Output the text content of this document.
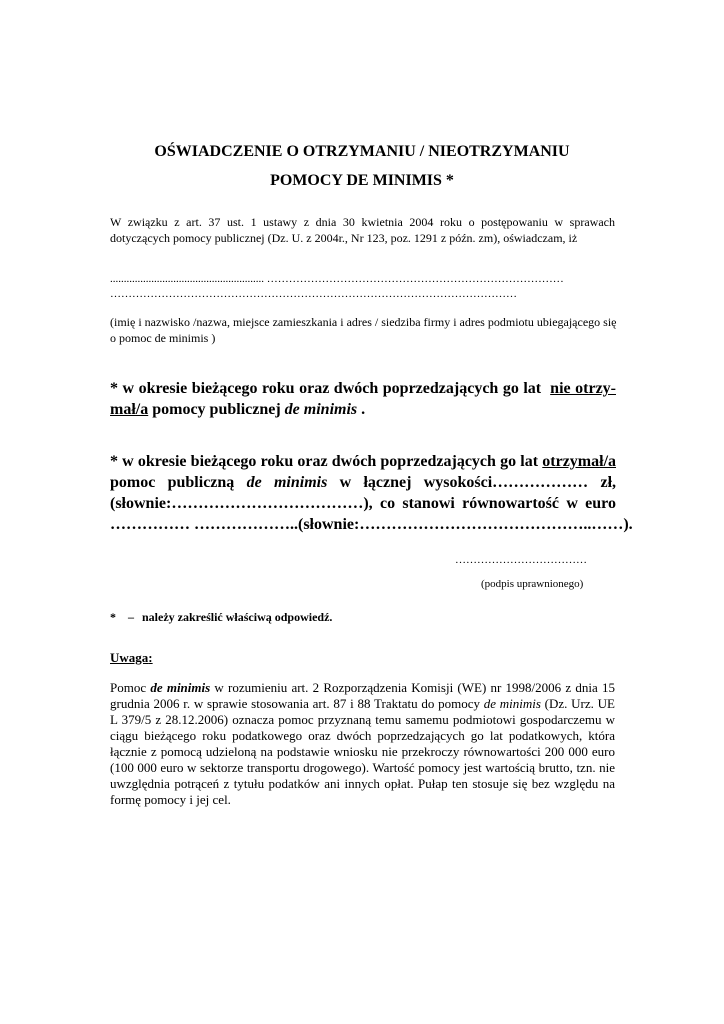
OŚWIADCZENIE O OTRZYMANIU / NIEOTRZYMANIU
POMOCY DE MINIMIS *
W związku z art. 37 ust. 1 ustawy z dnia 30 kwietnia 2004 roku o postępowaniu w sprawach dotyczących pomocy publicznej (Dz. U. z 2004r., Nr 123, poz. 1291 z późn. zm), oświadczam, iż
........................................................ ………………………………………………………………………
…………………………………………………………………………………………………
(imię i nazwisko /nazwa, miejsce zamieszkania i adres / siedziba firmy i adres podmiotu ubiegającego się o pomoc de minimis )
* w okresie bieżącego roku oraz dwóch poprzedzających go lat nie otrzy-
mał/a pomocy publicznej de minimis .
* w okresie bieżącego roku oraz dwóch poprzedzających go lat otrzymał/a
pomoc publiczną de minimis w łącznej wysokości……………… zł,
(słownie:………………………………), co stanowi równowartość w euro
…………… ………………..(słownie:……………………………………..……).
………………………………
(podpis uprawnionego)
* – należy zakreślić właściwą odpowiedź.
Uwaga:
Pomoc de minimis w rozumieniu art. 2 Rozporządzenia Komisji (WE) nr 1998/2006 z dnia 15 grudnia 2006 r. w sprawie stosowania art. 87 i 88 Traktatu do pomocy de minimis (Dz. Urz. UE L 379/5 z 28.12.2006) oznacza pomoc przyznaną temu samemu podmiotowi gospodarczemu w ciągu bieżącego roku podatkowego oraz dwóch poprzedzających go lat podatkowych, która łącznie z pomocą udzieloną na podstawie wniosku nie przekroczy równowartości 200 000 euro (100 000 euro w sektorze transportu drogowego). Wartość pomocy jest wartością brutto, tzn. nie uwzględnia potrąceń z tytułu podatków ani innych opłat. Pułap ten stosuje się bez względu na formę pomocy i jej cel.
